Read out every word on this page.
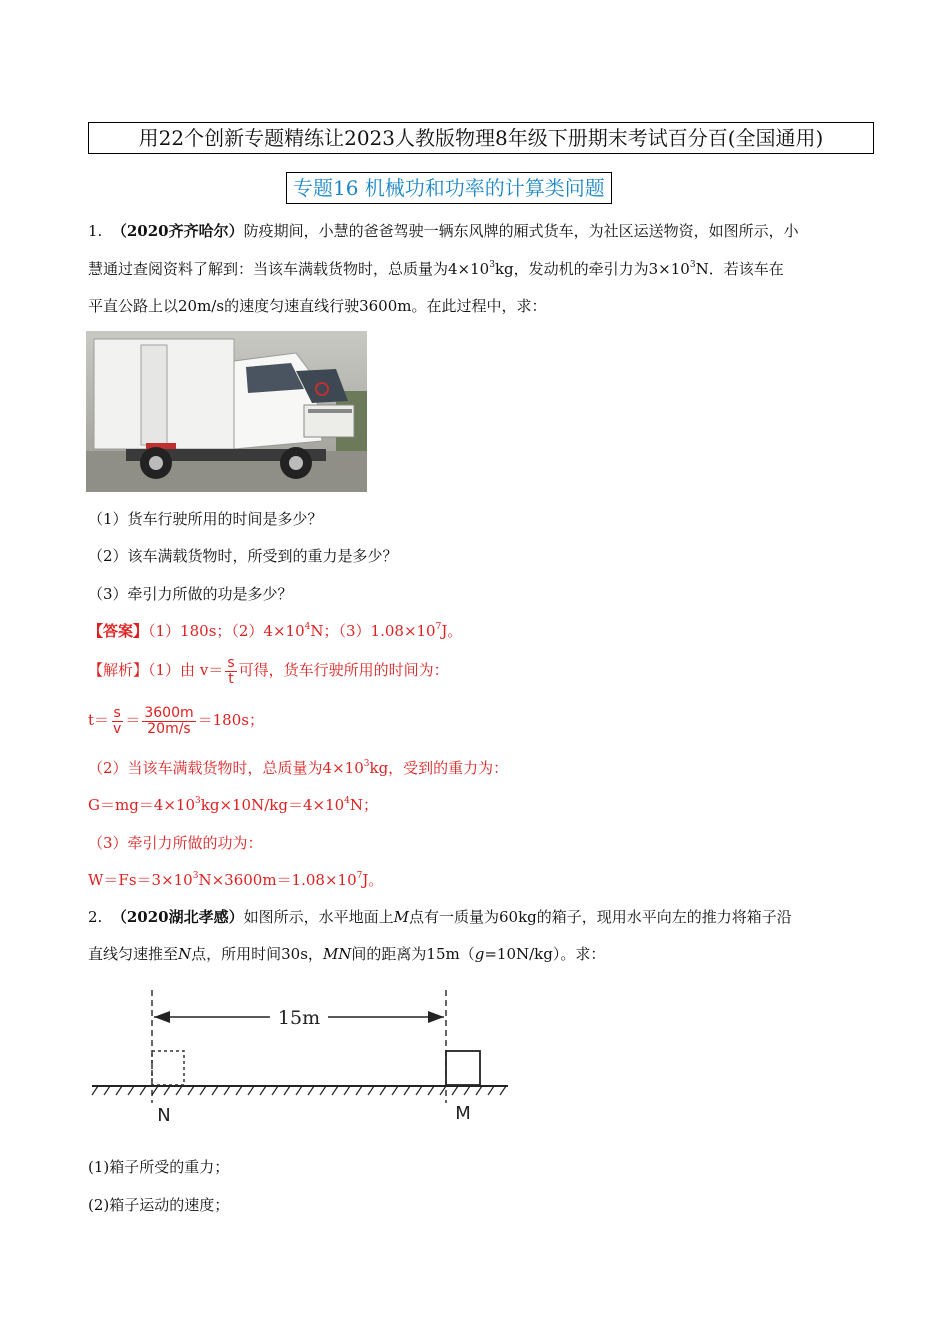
用22个创新专题精练让2023人教版物理8年级下册期末考试百分百(全国通用)
专题16 机械功和功率的计算类问题
1. （2020齐齐哈尔）防疫期间，小慧的爸爸驾驶一辆东风牌的厢式货车，为社区运送物资，如图所示，小
慧通过查阅资料了解到：当该车满载货物时，总质量为$4\times 10^3kg$，发动机的牵引力为$3\times 10^3N$．若该车在
平直公路上以20m/s的速度匀速直线行驶3600m。在此过程中，求：
（1）货车行驶所用的时间是多少？
（2）该车满载货物时，所受到的重力是多少？
（3）牵引力所做的功是多少？
【答案】（1）180s；$(2)4\times 10^4N$；$(3)1.08\times 10^7J$。
【解析】（1）由 $v= \frac{s}{t}$ 可得，货车行驶所用的时间为：
$t= \frac{s}{v} = \frac{3600m}{20m/s} =180s$；
（2）当该车满载货物时，总质量为$4\times 10^3kg$，受到的重力为：
$G=mg=4\times 10^3kg\times 10N/kg=4\times 10^4N$；
（3）牵引力所做的功为：
$W=Fs=3\times 10^3N\times 3600m=1.08\times 10^7J$。
2. （2020湖北孝感）如图所示，水平地面上M点有一质量为60kg的箱子，现用水平向左的推力将箱子沿
直线匀速推至N点，所用时间30s，MN间的距离为15m（g=10N/kg）。求：
15m
N	M
(1)箱子所受的重力；
(2)箱子运动的速度；
